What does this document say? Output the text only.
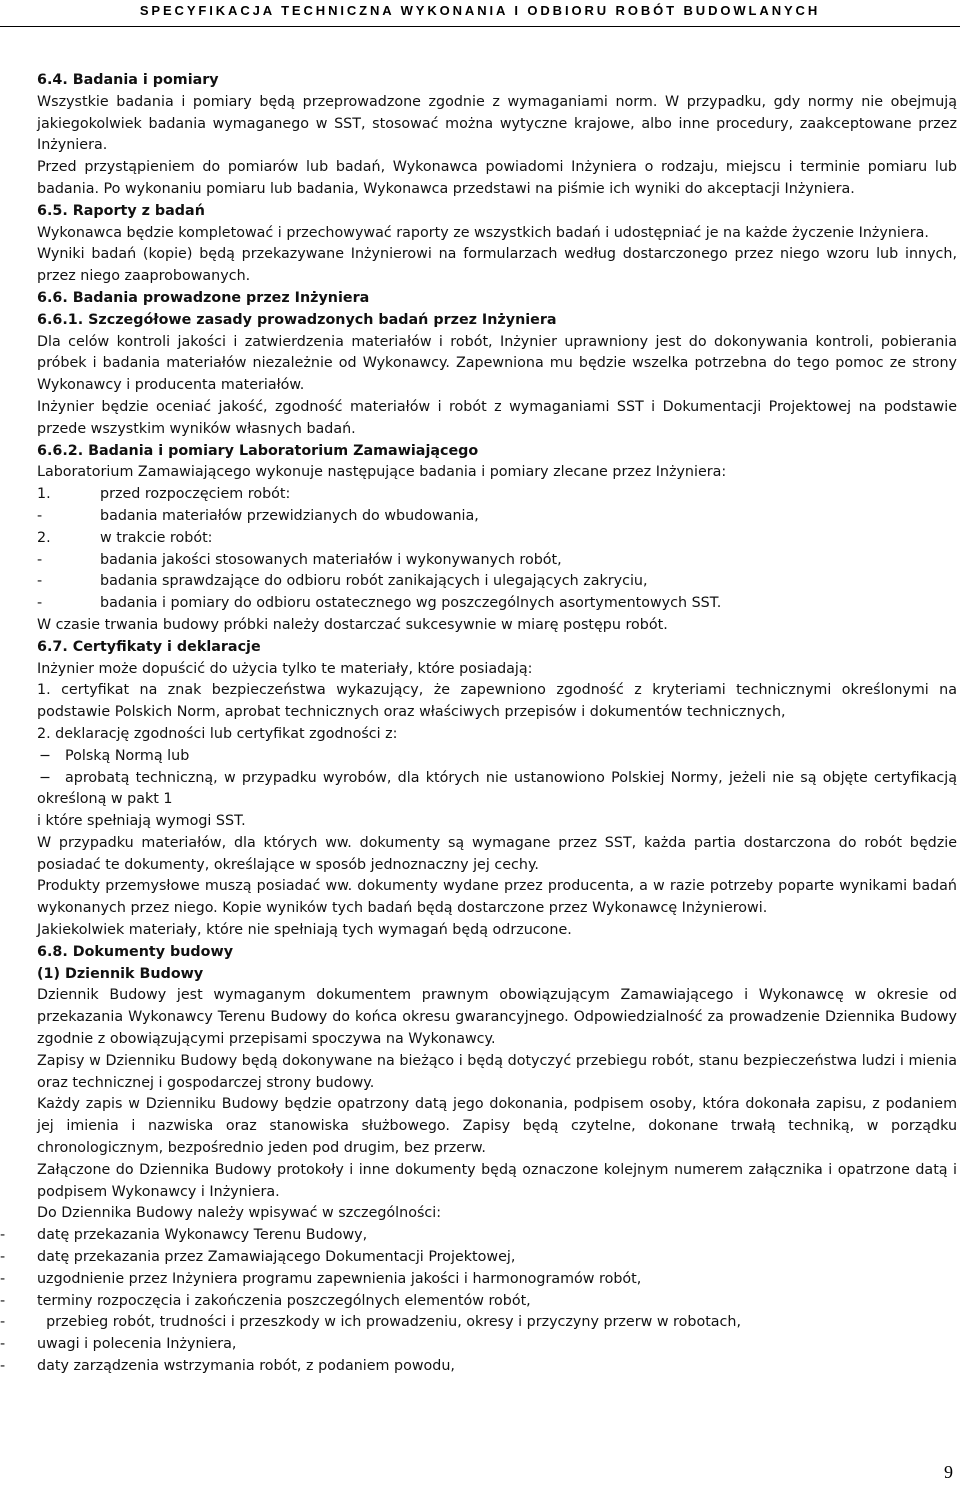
SPECYFIKACJA TECHNICZNA WYKONANIA I ODBIORU ROBÓT BUDOWLANYCH

6.4. Badania i pomiary

Wszystkie badania i pomiary będą przeprowadzone zgodnie z wymaganiami norm. W przypadku, gdy normy nie obejmują jakiegokolwiek badania wymaganego w SST, stosować można wytyczne krajowe, albo inne procedury, zaakceptowane przez Inżyniera.

Przed przystąpieniem do pomiarów lub badań, Wykonawca powiadomi Inżyniera o rodzaju, miejscu i terminie pomiaru lub badania. Po wykonaniu pomiaru lub badania, Wykonawca przedstawi na piśmie ich wyniki do akceptacji Inżyniera.

6.5. Raporty z badań

Wykonawca będzie kompletować i przechowywać raporty ze wszystkich badań i udostępniać je na każde życzenie Inżyniera.

Wyniki badań (kopie) będą przekazywane Inżynierowi na formularzach według dostarczonego przez niego wzoru lub innych, przez niego zaaprobowanych.

6.6. Badania prowadzone przez Inżyniera

6.6.1. Szczegółowe zasady prowadzonych badań przez Inżyniera

Dla celów kontroli jakości i zatwierdzenia materiałów i robót, Inżynier uprawniony jest do dokonywania kontroli, pobierania próbek i badania materiałów niezależnie od Wykonawcy. Zapewniona mu będzie wszelka potrzebna do tego pomoc ze strony Wykonawcy i producenta materiałów.

Inżynier będzie oceniać jakość, zgodność materiałów i robót z wymaganiami SST i Dokumentacji Projektowej na podstawie przede wszystkim wyników własnych badań.

6.6.2. Badania i pomiary Laboratorium Zamawiającego

Laboratorium Zamawiającego wykonuje następujące badania i pomiary zlecane przez Inżyniera:

1.	przed rozpoczęciem robót:

-	badania materiałów przewidzianych do wbudowania,

2.	w trakcie robót:

-	badania jakości stosowanych materiałów i wykonywanych robót,

-	badania sprawdzające do odbioru robót zanikających i ulegających zakryciu,

-	badania i pomiary do odbioru ostatecznego wg poszczególnych asortymentowych SST.

W czasie trwania budowy próbki należy dostarczać sukcesywnie w miarę postępu robót.

6.7. Certyfikaty i deklaracje

Inżynier może dopuścić do użycia tylko te materiały, które posiadają:

1. certyfikat na znak bezpieczeństwa wykazujący, że zapewniono zgodność z kryteriami technicznymi określonymi na podstawie Polskich Norm, aprobat technicznych oraz właściwych przepisów i dokumentów technicznych,

2. deklarację zgodności lub certyfikat zgodności z:

− Polską Normą lub

− aprobatą techniczną, w przypadku wyrobów, dla których nie ustanowiono Polskiej Normy, jeżeli nie są objęte certyfikacją określoną w pakt 1

i które spełniają wymogi SST.

W przypadku materiałów, dla których ww. dokumenty są wymagane przez SST, każda partia dostarczona do robót będzie posiadać te dokumenty, określające w sposób jednoznaczny jej cechy.

Produkty przemysłowe muszą posiadać ww. dokumenty wydane przez producenta, a w razie potrzeby poparte wynikami badań wykonanych przez niego. Kopie wyników tych badań będą dostarczone przez Wykonawcę Inżynierowi.

Jakiekolwiek materiały, które nie spełniają tych wymagań będą odrzucone.

6.8. Dokumenty budowy

(1) Dziennik Budowy

Dziennik Budowy jest wymaganym dokumentem prawnym obowiązującym Zamawiającego i Wykonawcę w okresie od przekazania Wykonawcy Terenu Budowy do końca okresu gwarancyjnego. Odpowiedzialność za prowadzenie Dziennika Budowy zgodnie z obowiązującymi przepisami spoczywa na Wykonawcy.

Zapisy w Dzienniku Budowy będą dokonywane na bieżąco i będą dotyczyć przebiegu robót, stanu bezpieczeństwa ludzi i mienia oraz technicznej i gospodarczej strony budowy.

Każdy zapis w Dzienniku Budowy będzie opatrzony datą jego dokonania, podpisem osoby, która dokonała zapisu, z podaniem jej imienia i nazwiska oraz stanowiska służbowego. Zapisy będą czytelne, dokonane trwałą techniką, w porządku chronologicznym, bezpośrednio jeden pod drugim, bez przerw.

Załączone do Dziennika Budowy protokoły i inne dokumenty będą oznaczone kolejnym numerem załącznika i opatrzone datą i podpisem Wykonawcy i Inżyniera.

Do Dziennika Budowy należy wpisywać w szczególności:

- datę przekazania Wykonawcy Terenu Budowy,

- datę przekazania przez Zamawiającego Dokumentacji Projektowej,

- uzgodnienie przez Inżyniera programu zapewnienia jakości i harmonogramów robót,

- terminy rozpoczęcia i zakończenia poszczególnych elementów robót,

-  przebieg robót, trudności i przeszkody w ich prowadzeniu, okresy i przyczyny przerw w robotach,

- uwagi i polecenia Inżyniera,

- daty zarządzenia wstrzymania robót, z podaniem powodu,

9
